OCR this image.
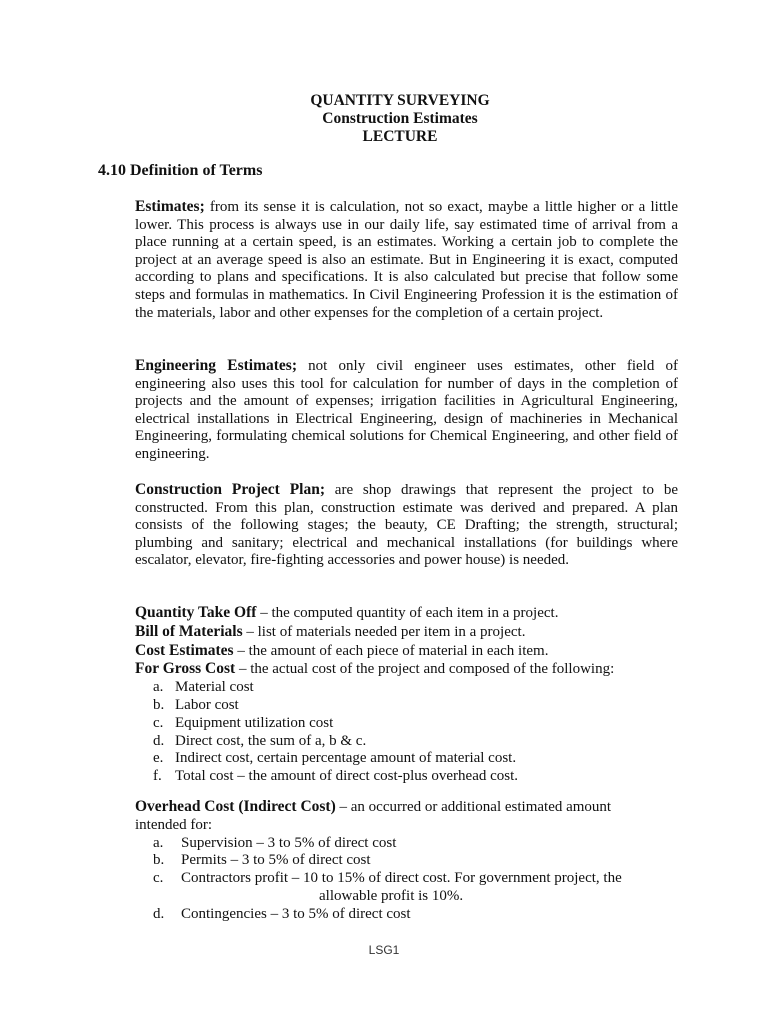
QUANTITY SURVEYING
Construction Estimates
LECTURE
4.10 Definition of Terms
Estimates; from its sense it is calculation, not so exact, maybe a little higher or a little lower. This process is always use in our daily life, say estimated time of arrival from a place running at a certain speed, is an estimates. Working a certain job to complete the project at an average speed is also an estimate. But in Engineering it is exact, computed according to plans and specifications. It is also calculated but precise that follow some steps and formulas in mathematics. In Civil Engineering Profession it is the estimation of the materials, labor and other expenses for the completion of a certain project.
Engineering Estimates; not only civil engineer uses estimates, other field of engineering also uses this tool for calculation for number of days in the completion of projects and the amount of expenses; irrigation facilities in Agricultural Engineering, electrical installations in Electrical Engineering, design of machineries in Mechanical Engineering, formulating chemical solutions for Chemical Engineering, and other field of engineering.
Construction Project Plan; are shop drawings that represent the project to be constructed. From this plan, construction estimate was derived and prepared. A plan consists of the following stages; the beauty, CE Drafting; the strength, structural; plumbing and sanitary; electrical and mechanical installations (for buildings where escalator, elevator, fire-fighting accessories and power house) is needed.
Quantity Take Off – the computed quantity of each item in a project.
Bill of Materials – list of materials needed per item in a project.
Cost Estimates – the amount of each piece of material in each item.
For Gross Cost – the actual cost of the project and composed of the following:
a. Material cost
b. Labor cost
c. Equipment utilization cost
d. Direct cost, the sum of a, b & c.
e. Indirect cost, certain percentage amount of material cost.
f. Total cost – the amount of direct cost-plus overhead cost.
Overhead Cost (Indirect Cost) – an occurred or additional estimated amount
intended for:
a. Supervision – 3 to 5% of direct cost
b. Permits – 3 to 5% of direct cost
c. Contractors profit – 10 to 15% of direct cost. For government project, the
allowable profit is 10%.
d. Contingencies – 3 to 5% of direct cost
LSG1
